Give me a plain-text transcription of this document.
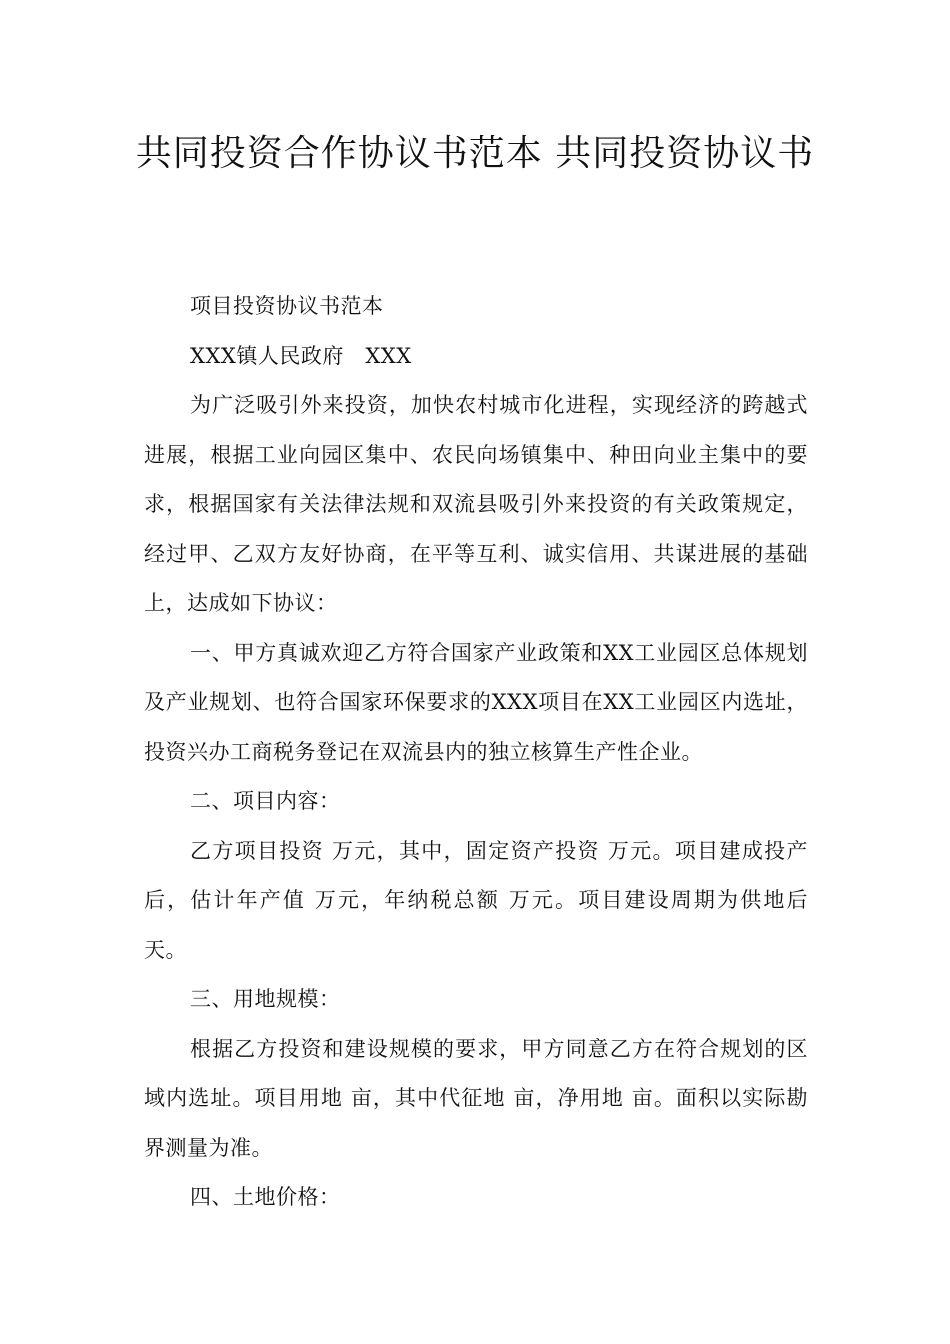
共同投资合作协议书范本 共同投资协议书

项目投资协议书范本

XXX镇人民政府　XXX

为广泛吸引外来投资，加快农村城市化进程，实现经济的跨越式进展，根据工业向园区集中、农民向场镇集中、种田向业主集中的要求，根据国家有关法律法规和双流县吸引外来投资的有关政策规定，经过甲、乙双方友好协商，在平等互利、诚实信用、共谋进展的基础上，达成如下协议：

一、甲方真诚欢迎乙方符合国家产业政策和XX工业园区总体规划及产业规划、也符合国家环保要求的XXX项目在XX工业园区内选址，投资兴办工商税务登记在双流县内的独立核算生产性企业。

二、项目内容：

乙方项目投资 万元，其中，固定资产投资 万元。项目建成投产后，估计年产值 万元，年纳税总额 万元。项目建设周期为供地后 天。

三、用地规模：

根据乙方投资和建设规模的要求，甲方同意乙方在符合规划的区域内选址。项目用地 亩，其中代征地 亩，净用地 亩。面积以实际勘界测量为准。

四、土地价格：
